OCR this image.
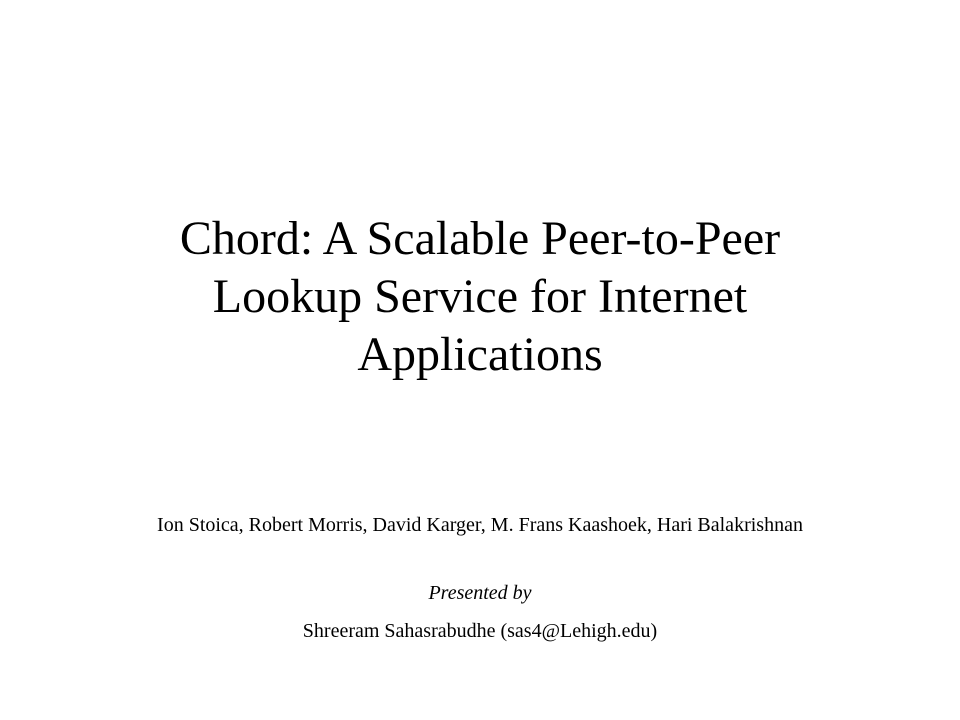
Chord: A Scalable Peer-to-Peer
Lookup Service for Internet
Applications
Ion Stoica, Robert Morris, David Karger, M. Frans Kaashoek, Hari Balakrishnan
Presented by
Shreeram Sahasrabudhe (sas4@Lehigh.edu)
